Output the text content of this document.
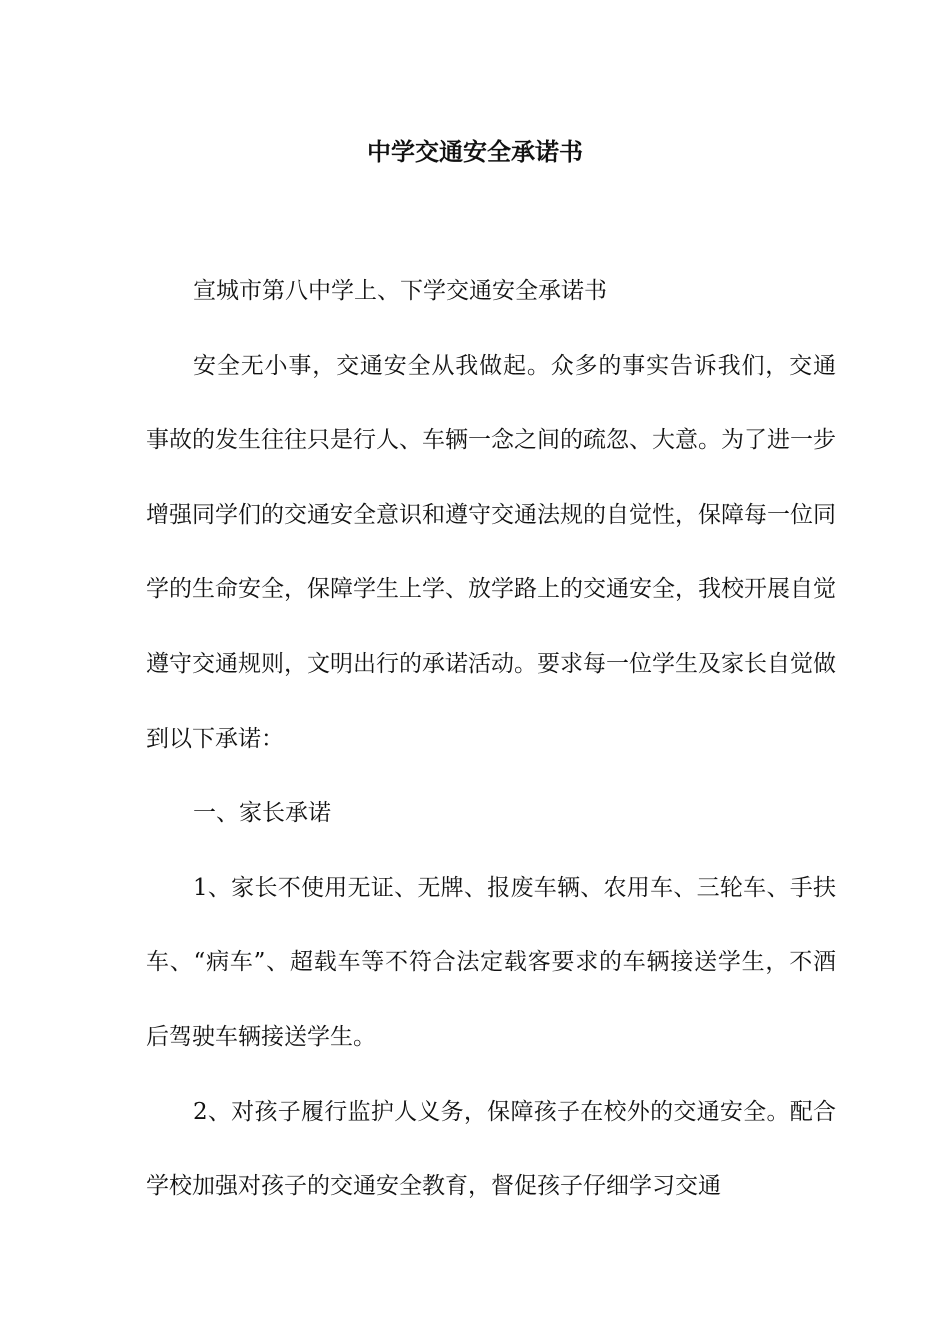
中学交通安全承诺书

宣城市第八中学上、下学交通安全承诺书

安全无小事，交通安全从我做起。众多的事实告诉我们，交通事故的发生往往只是行人、车辆一念之间的疏忽、大意。为了进一步增强同学们的交通安全意识和遵守交通法规的自觉性，保障每一位同学的生命安全，保障学生上学、放学路上的交通安全，我校开展自觉遵守交通规则，文明出行的承诺活动。要求每一位学生及家长自觉做到以下承诺：

一、家长承诺

1、家长不使用无证、无牌、报废车辆、农用车、三轮车、手扶车、“病车”、超载车等不符合法定载客要求的车辆接送学生，不酒后驾驶车辆接送学生。

2、对孩子履行监护人义务，保障孩子在校外的交通安全。配合学校加强对孩子的交通安全教育，督促孩子仔细学习交通
